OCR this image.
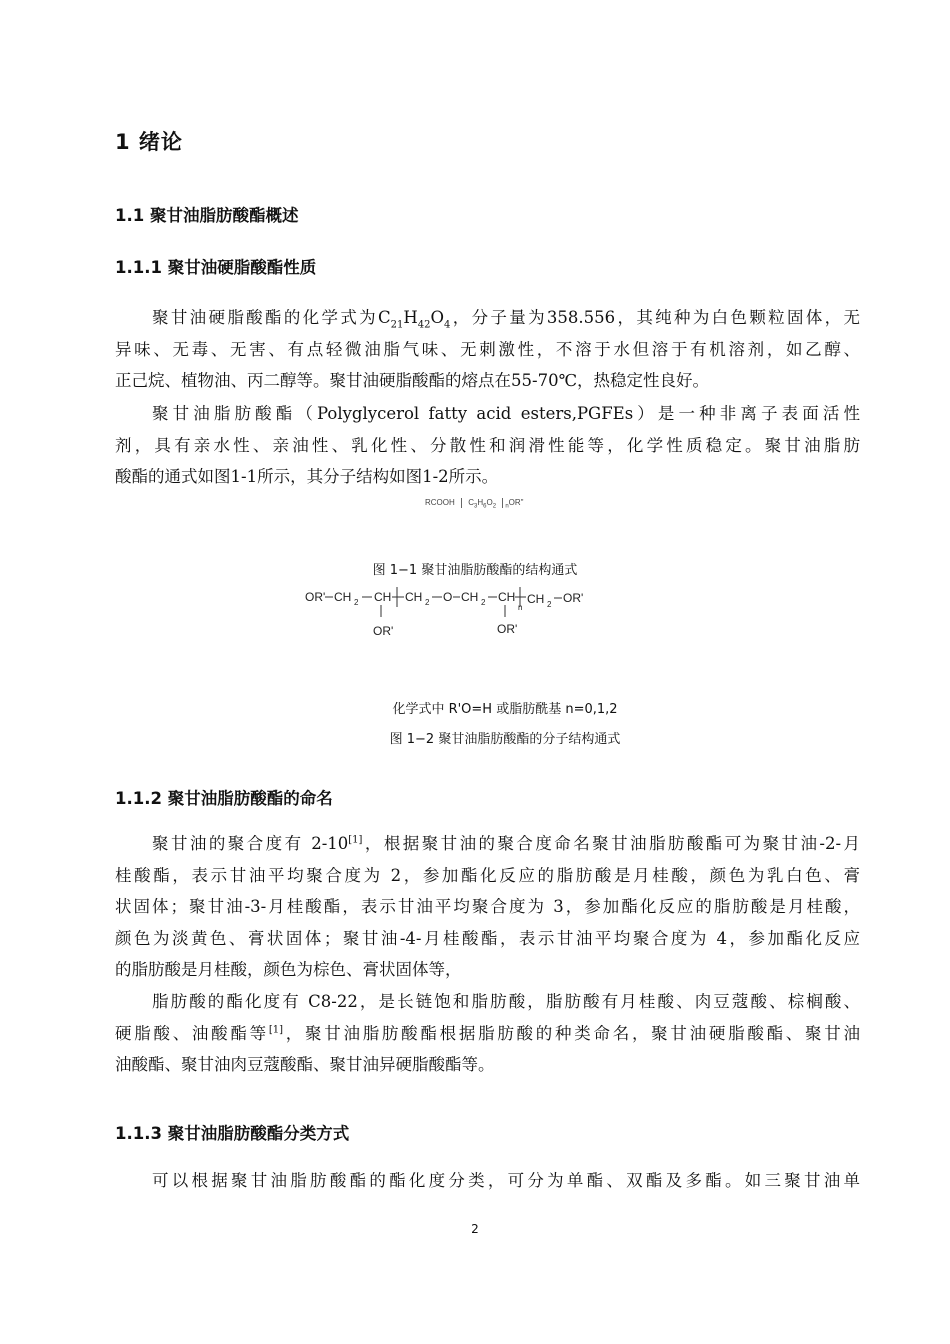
1 绪论
1.1 聚甘油脂肪酸酯概述
1.1.1 聚甘油硬脂酸酯性质
聚甘油硬脂酸酯的化学式为$C_{21}H_{42}O_4$，分子量为358.556，其纯种为白色颗粒固体，无
异味、无毒、无害、有点轻微油脂气味、无刺激性，不溶于水但溶于有机溶剂，如乙醇、
正己烷、植物油、丙二醇等。聚甘油硬脂酸酯的熔点在55-70℃，热稳定性良好。
聚甘油脂肪酸酯（Polyglycerol fatty acid esters,PGFEs）是一种非离子表面活性
剂，具有亲水性、亲油性、乳化性、分散性和润滑性能等，化学性质稳定。聚甘油脂肪
酸酯的通式如图1-1所示，其分子结构如图1-2所示。
RCOOH $C_3H_6O_2$ $_n$OR"
图 1−1 聚甘油脂肪酸酯的结构通式
OR' CH 2 CH
OR'
CH 2 O CH 2 CH
OR'
n
CH 2 OR'
化学式中 R'O=H 或脂肪酰基 n=0,1,2
图 1−2 聚甘油脂肪酸酯的分子结构通式
1.1.2 聚甘油脂肪酸酯的命名
聚甘油的聚合度有 2-10[1]，根据聚甘油的聚合度命名聚甘油脂肪酸酯可为聚甘油-2-月
桂酸酯，表示甘油平均聚合度为 2，参加酯化反应的脂肪酸是月桂酸，颜色为乳白色、膏
状固体；聚甘油-3-月桂酸酯，表示甘油平均聚合度为 3，参加酯化反应的脂肪酸是月桂酸，
颜色为淡黄色、膏状固体；聚甘油-4-月桂酸酯，表示甘油平均聚合度为 4，参加酯化反应
的脂肪酸是月桂酸，颜色为棕色、膏状固体等，
脂肪酸的酯化度有 C8-22，是长链饱和脂肪酸，脂肪酸有月桂酸、肉豆蔻酸、棕榈酸、
硬脂酸、油酸酯等[1]，聚甘油脂肪酸酯根据脂肪酸的种类命名，聚甘油硬脂酸酯、聚甘油
油酸酯、聚甘油肉豆蔻酸酯、聚甘油异硬脂酸酯等。
1.1.3 聚甘油脂肪酸酯分类方式
可以根据聚甘油脂肪酸酯的酯化度分类，可分为单酯、双酯及多酯。如三聚甘油单
2
